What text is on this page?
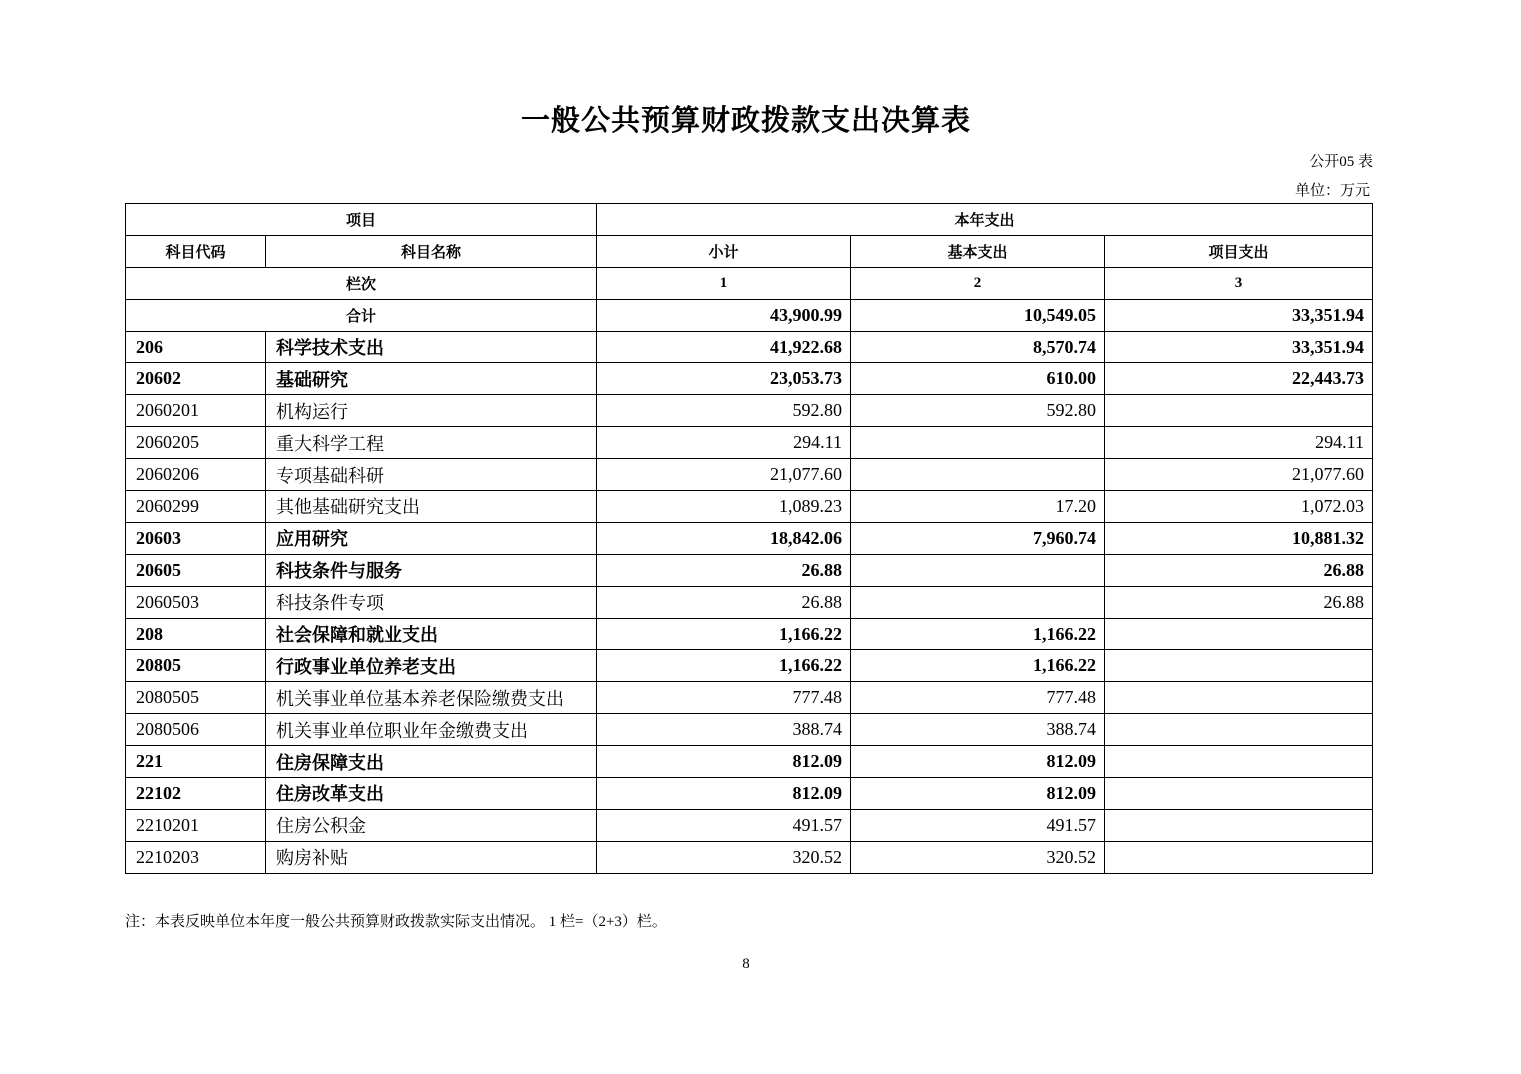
一般公共预算财政拨款支出决算表
公开05 表
单位：万元
项目		本年支出		
科目代码	科目名称	小计	基本支出	项目支出
栏次		1	2	3
合计		43,900.99	10,549.05	33,351.94
206	科学技术支出	41,922.68	8,570.74	33,351.94
20602	基础研究	23,053.73	610.00	22,443.73
2060201	机构运行	592.80	592.80	
2060205	重大科学工程	294.11		294.11
2060206	专项基础科研	21,077.60		21,077.60
2060299	其他基础研究支出	1,089.23	17.20	1,072.03
20603	应用研究	18,842.06	7,960.74	10,881.32
20605	科技条件与服务	26.88		26.88
2060503	科技条件专项	26.88		26.88
208	社会保障和就业支出	1,166.22	1,166.22	
20805	行政事业单位养老支出	1,166.22	1,166.22	
2080505	机关事业单位基本养老保险缴费支出	777.48	777.48	
2080506	机关事业单位职业年金缴费支出	388.74	388.74	
221	住房保障支出	812.09	812.09	
22102	住房改革支出	812.09	812.09	
2210201	住房公积金	491.57	491.57	
2210203	购房补贴	320.52	320.52	
注：本表反映单位本年度一般公共预算财政拨款实际支出情况。 1 栏=（2+3）栏。
8
